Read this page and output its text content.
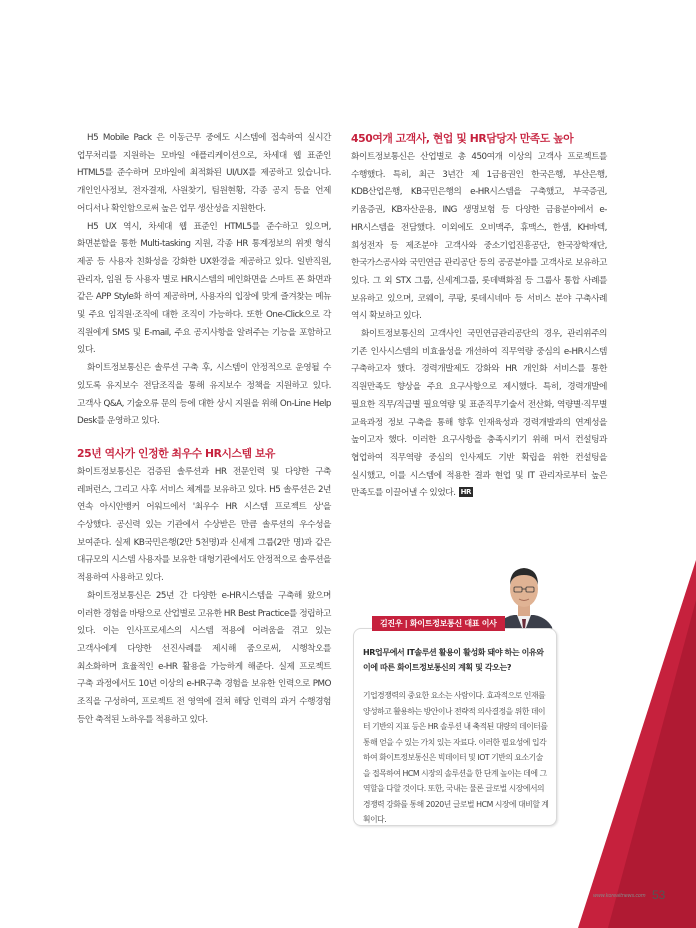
H5 Mobile Pack 은 이동근무 중에도 시스템에 접속하여 실시간 업무처리를 지원하는 모바일 애플리케이션으로, 차세대 웹 표준인 HTML5를 준수하며 모바일에 최적화된 UI/UX를 제공하고 있습니다. 개인인사정보, 전자결재, 사원찾기, 팀원현황, 각종 공지 등을 언제 어디서나 확인함으로써 높은 업무 생산성을 지원한다.

H5 UX 역시, 차세대 웹 표준인 HTML5를 준수하고 있으며, 화면분할을 통한 Multi-tasking 지원, 각종 HR 통계정보의 위젯 형식 제공 등 사용자 친화성을 강화한 UX환경을 제공하고 있다. 일반직원, 관리자, 임원 등 사용자 별로 HR시스템의 메인화면을 스마트 폰 화면과 같은 APP Style화 하여 제공하며, 사용자의 입장에 맞게 즐겨찾는 메뉴 및 주요 임직원·조직에 대한 조직이 가능하다. 또한 One-Click으로 각 직원에게 SMS 및 E-mail, 주요 공지사항을 알려주는 기능을 포함하고 있다.

화이트정보통신은 솔루션 구축 후, 시스템이 안정적으로 운영될 수 있도록 유지보수 전담조직을 통해 유지보수 정책을 지원하고 있다. 고객사 Q&A, 기술오류 문의 등에 대한 상시 지원을 위해 On-Line Help Desk를 운영하고 있다.

25년 역사가 인정한 최우수 HR시스템 보유

화이트정보통신은 검증된 솔루션과 HR 전문인력 및 다양한 구축 레퍼런스, 그리고 사후 서비스 체계를 보유하고 있다. H5 솔루션은 2년 연속 아시안뱅커 어워드에서 '최우수 HR 시스템 프로젝트 상'을 수상했다. 공신력 있는 기관에서 수상받은 만큼 솔루션의 우수성을 보여준다. 실제 KB국민은행(2만 5천명)과 신세계 그룹(2만 명)과 같은 대규모의 시스템 사용자를 보유한 대형기관에서도 안정적으로 솔루션을 적용하여 사용하고 있다.

화이트정보통신은 25년 간 다양한 e-HR시스템을 구축해 왔으며 이러한 경험을 바탕으로 산업별로 고유한 HR Best Practice를 정립하고 있다. 이는 인사프로세스의 시스템 적용에 어려움을 겪고 있는 고객사에게 다양한 선진사례를 제시해 줌으로써, 시행착오를 최소화하며 효율적인 e-HR 활용을 가능하게 해준다. 실제 프로젝트 구축 과정에서도 10년 이상의 e-HR구축 경험을 보유한 인력으로 PMO 조직을 구성하여, 프로젝트 전 영역에 걸쳐 해당 인력의 과거 수행경험 등안 축적된 노하우를 적용하고 있다.

450여개 고객사, 현업 및 HR담당자 만족도 높아

화이트정보통신은 산업별로 총 450여개 이상의 고객사 프로젝트를 수행했다. 특히, 최근 3년간 제 1금융권인 한국은행, 부산은행, KDB산업은행, KB국민은행의 e-HR시스템을 구축했고, 부국증권, 키움증권, KB자산운용, ING 생명보험 등 다양한 금융분야에서 e-HR시스템을 전담했다. 이외에도 오비맥주, 휴맥스, 한샘, KH바텍, 희성전자 등 제조분야 고객사와 중소기업진흥공단, 한국장학재단, 한국가스공사와 국민연금 관리공단 등의 공공분야를 고객사로 보유하고 있다. 그 외 STX 그룹, 신세계그룹, 롯데백화점 등 그룹사 통합 사례를 보유하고 있으며, 코웨이, 쿠팡, 롯데시네마 등 서비스 분야 구축사례 역시 확보하고 있다.

화이트정보통신의 고객사인 국민연금관리공단의 경우, 관리위주의 기존 인사시스템의 비효율성을 개선하여 직무역량 중심의 e-HR시스템 구축하고자 했다. 경력개발제도 강화와 HR 개인화 서비스를 통한 직원만족도 향상을 주요 요구사항으로 제시했다. 특히, 경력개발에 필요한 직무/직급별 필요역량 및 표준직무기술서 전산화, 역량별·직무별 교육과정 정보 구축을 통해 향후 인재육성과 경력개발과의 연계성을 높이고자 했다. 이러한 요구사항을 충족시키기 위해 머서 컨설팅과 협업하여 직무역량 중심의 인사제도 기반 확립을 위한 컨설팅을 실시했고, 이를 시스템에 적용한 결과 현업 및 IT 관리자로부터 높은 만족도를 이끌어낼 수 있었다. HR

김진우 | 화이트정보통신 대표 이사

HR업무에서 IT솔루션 활용이 활성화 돼야 하는 이유와 이에 따른 화이트정보통신의 계획 및 각오는?

기업경쟁력의 중요한 요소는 사람이다. 효과적으로 인재를 양성하고 활용하는 방안이나 전략적 의사결정을 위한 데이터 기반의 지표 등은 HR 솔루션 내 축적된 대량의 데이터를 통해 얻을 수 있는 가치 있는 자료다. 이러한 필요성에 입각하여 화이트정보통신은 빅데이터 및 IOT 기반의 요소기술을 접목하여 HCM 시장의 솔루션을 한 단계 높이는 데에 그 역할을 다할 것이다. 또한, 국내는 물론 글로벌 시장에서의 경쟁력 강화를 통해 2020년 글로벌 HCM 시장에 대비할 계획이다.

www.koreaitnews.com 53
